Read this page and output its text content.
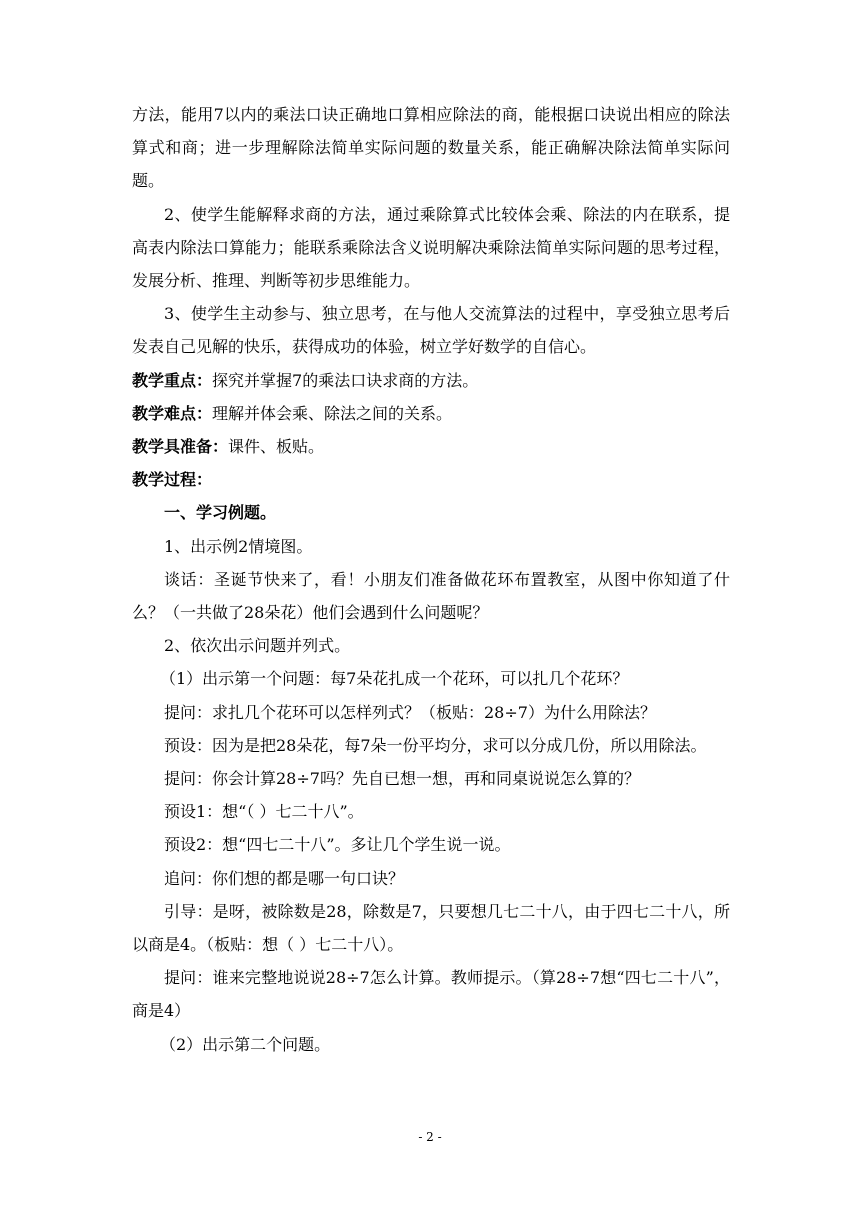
方法，能用7以内的乘法口诀正确地口算相应除法的商，能根据口诀说出相应的除法算式和商；进一步理解除法简单实际问题的数量关系，能正确解决除法简单实际问题。

2、使学生能解释求商的方法，通过乘除算式比较体会乘、除法的内在联系，提高表内除法口算能力；能联系乘除法含义说明解决乘除法简单实际问题的思考过程，发展分析、推理、判断等初步思维能力。

3、使学生主动参与、独立思考，在与他人交流算法的过程中，享受独立思考后发表自己见解的快乐，获得成功的体验，树立学好数学的自信心。

教学重点：探究并掌握7的乘法口诀求商的方法。

教学难点：理解并体会乘、除法之间的关系。

教学具准备：课件、板贴。

教学过程：

一、学习例题。

1、出示例2情境图。

谈话：圣诞节快来了，看！小朋友们准备做花环布置教室，从图中你知道了什么？（一共做了28朵花）他们会遇到什么问题呢？

2、依次出示问题并列式。

（1）出示第一个问题：每7朵花扎成一个花环，可以扎几个花环？

提问：求扎几个花环可以怎样列式？（板贴：28÷7）为什么用除法？

预设：因为是把28朵花，每7朵一份平均分，求可以分成几份，所以用除法。

提问：你会计算28÷7吗？先自已想一想，再和同桌说说怎么算的？

预设1：想“（ ）七二十八”。

预设2：想“四七二十八”。多让几个学生说一说。

追问：你们想的都是哪一句口诀？

引导：是呀，被除数是28，除数是7，只要想几七二十八，由于四七二十八，所以商是4。（板贴：想（ ）七二十八）。

提问：谁来完整地说说28÷7怎么计算。教师提示。（算28÷7想“四七二十八”，商是4）

（2）出示第二个问题。

- 2 -
